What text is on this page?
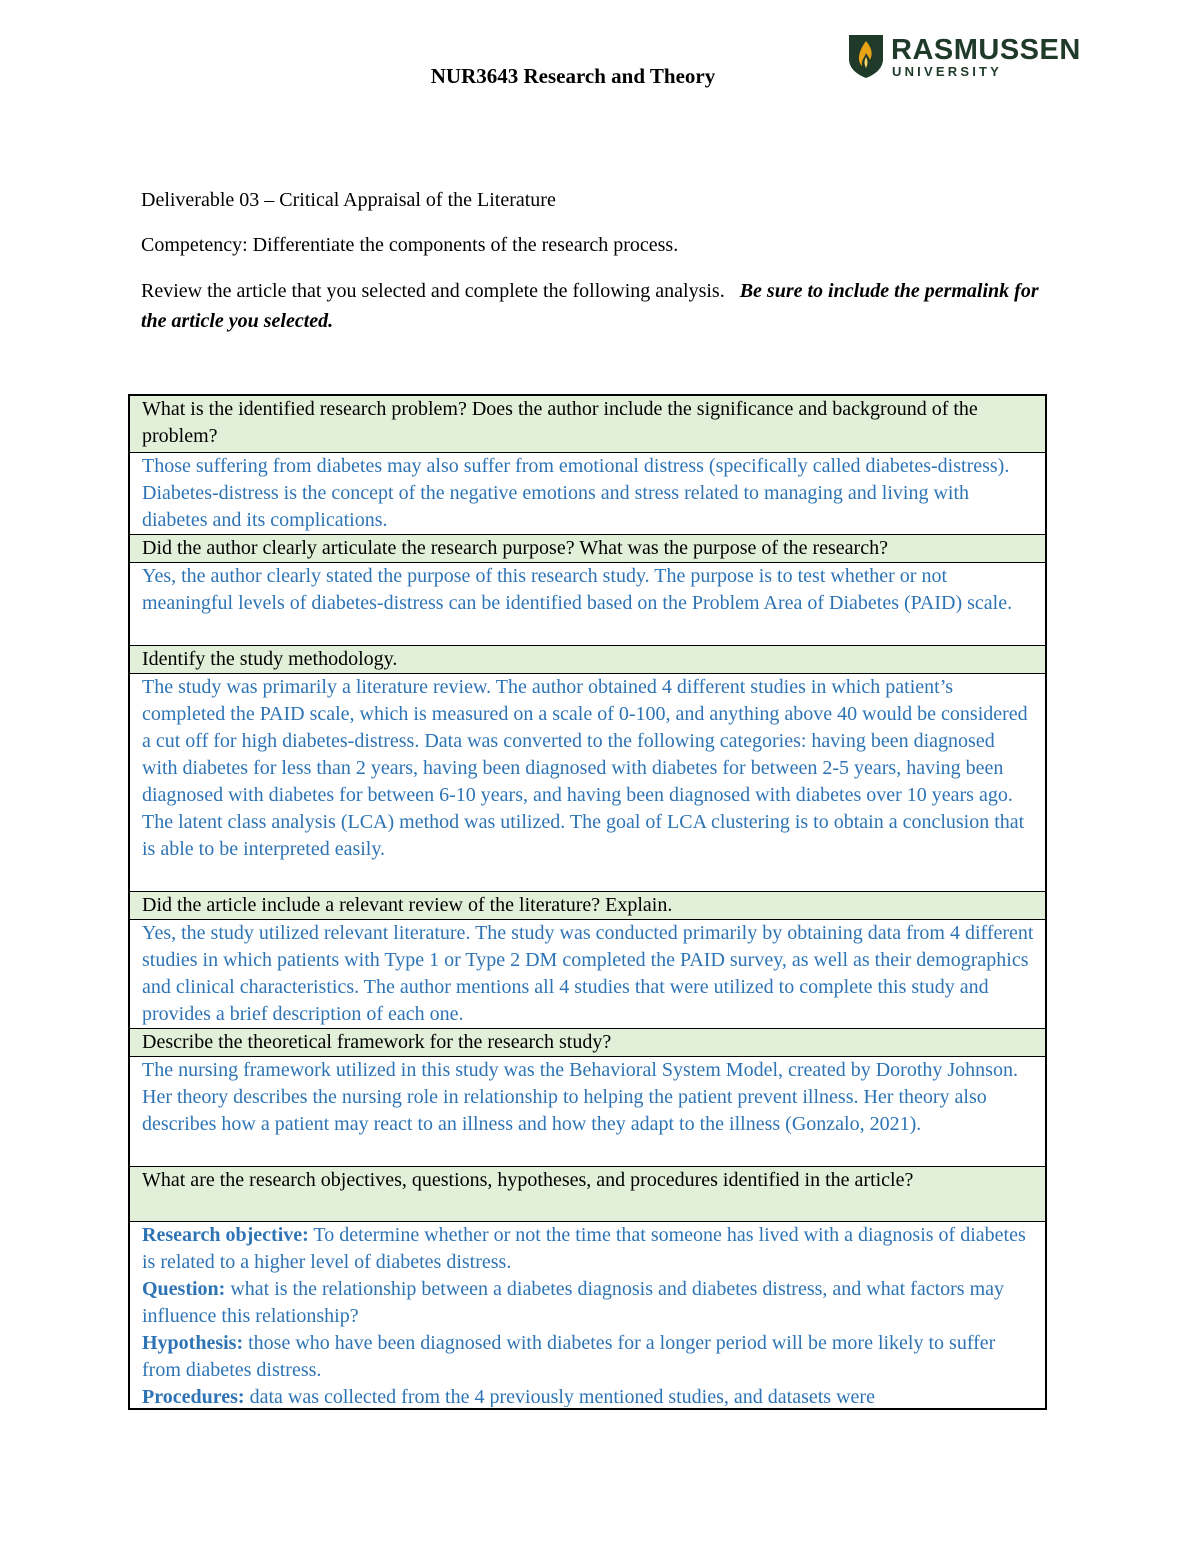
NUR3643 Research and Theory
RASMUSSEN
UNIVERSITY

Deliverable 03 – Critical Appraisal of the Literature

Competency: Differentiate the components of the research process.

Review the article that you selected and complete the following analysis. Be sure to include the permalink for the article you selected.

What is the identified research problem? Does the author include the significance and background of the problem?
Those suffering from diabetes may also suffer from emotional distress (specifically called diabetes-distress). Diabetes-distress is the concept of the negative emotions and stress related to managing and living with diabetes and its complications.
Did the author clearly articulate the research purpose? What was the purpose of the research?
Yes, the author clearly stated the purpose of this research study. The purpose is to test whether or not meaningful levels of diabetes-distress can be identified based on the Problem Area of Diabetes (PAID) scale.
Identify the study methodology.
The study was primarily a literature review. The author obtained 4 different studies in which patient’s completed the PAID scale, which is measured on a scale of 0-100, and anything above 40 would be considered a cut off for high diabetes-distress. Data was converted to the following categories: having been diagnosed with diabetes for less than 2 years, having been diagnosed with diabetes for between 2-5 years, having been diagnosed with diabetes for between 6-10 years, and having been diagnosed with diabetes over 10 years ago. The latent class analysis (LCA) method was utilized. The goal of LCA clustering is to obtain a conclusion that is able to be interpreted easily.
Did the article include a relevant review of the literature? Explain.
Yes, the study utilized relevant literature. The study was conducted primarily by obtaining data from 4 different studies in which patients with Type 1 or Type 2 DM completed the PAID survey, as well as their demographics and clinical characteristics. The author mentions all 4 studies that were utilized to complete this study and provides a brief description of each one.
Describe the theoretical framework for the research study?
The nursing framework utilized in this study was the Behavioral System Model, created by Dorothy Johnson. Her theory describes the nursing role in relationship to helping the patient prevent illness. Her theory also describes how a patient may react to an illness and how they adapt to the illness (Gonzalo, 2021).
What are the research objectives, questions, hypotheses, and procedures identified in the article?

Research objective: To determine whether or not the time that someone has lived with a diagnosis of diabetes is related to a higher level of diabetes distress.

Question: what is the relationship between a diabetes diagnosis and diabetes distress, and what factors may influence this relationship?

Hypothesis: those who have been diagnosed with diabetes for a longer period will be more likely to suffer from diabetes distress.

Procedures: data was collected from the 4 previously mentioned studies, and datasets were
